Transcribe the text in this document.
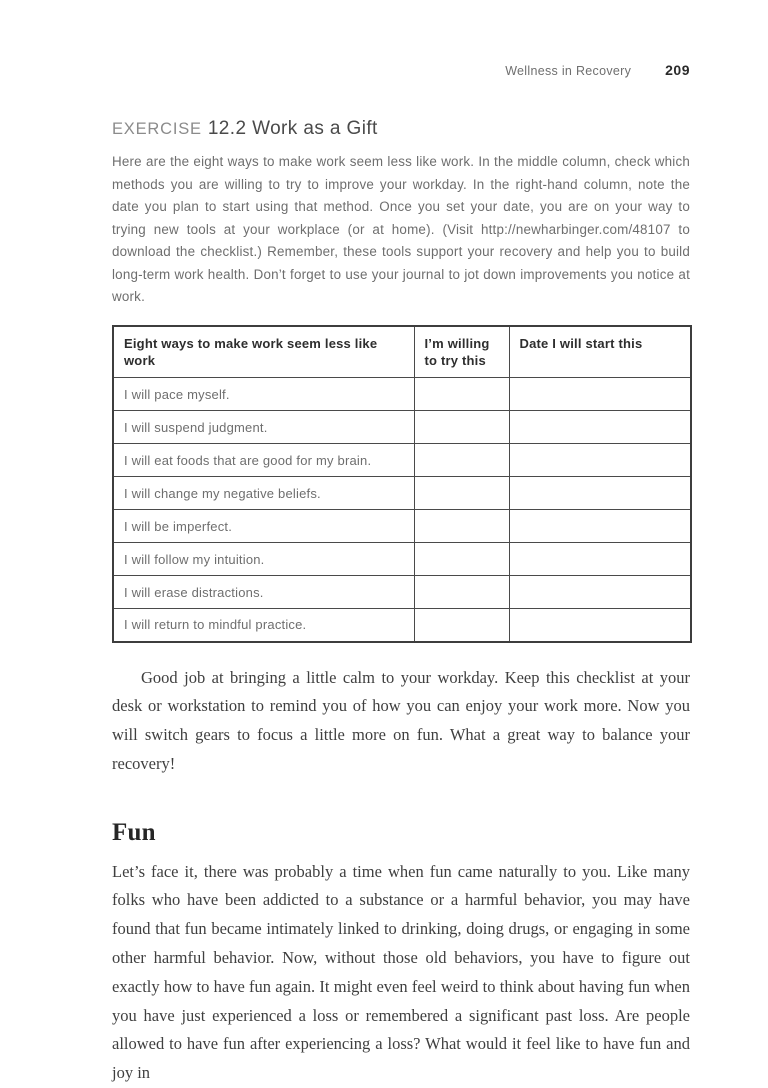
Wellness in Recovery 209
EXERCISE 12.2 Work as a Gift

Here are the eight ways to make work seem less like work. In the middle column, check which methods you are willing to try to improve your workday. In the right-hand column, note the date you plan to start using that method. Once you set your date, you are on your way to trying new tools at your workplace (or at home). (Visit http://newharbinger.com/48107 to download the checklist.) Remember, these tools support your recovery and help you to build long-term work health. Don’t forget to use your journal to jot down improvements you notice at work.

Eight ways to make work seem less like work	I’m willing to try this	Date I will start this
I will pace myself.		
I will suspend judgment.		
I will eat foods that are good for my brain.		
I will change my negative beliefs.		
I will be imperfect.		
I will follow my intuition.		
I will erase distractions.		
I will return to mindful practice.		

Good job at bringing a little calm to your workday. Keep this checklist at your desk or workstation to remind you of how you can enjoy your work more. Now you will switch gears to focus a little more on fun. What a great way to balance your recovery!

Fun

Let’s face it, there was probably a time when fun came naturally to you. Like many folks who have been addicted to a substance or a harmful behavior, you may have found that fun became intimately linked to drinking, doing drugs, or engaging in some other harmful behavior. Now, without those old behaviors, you have to figure out exactly how to have fun again. It might even feel weird to think about having fun when you have just experienced a loss or remembered a significant past loss. Are people allowed to have fun after experiencing a loss? What would it feel like to have fun and joy in
